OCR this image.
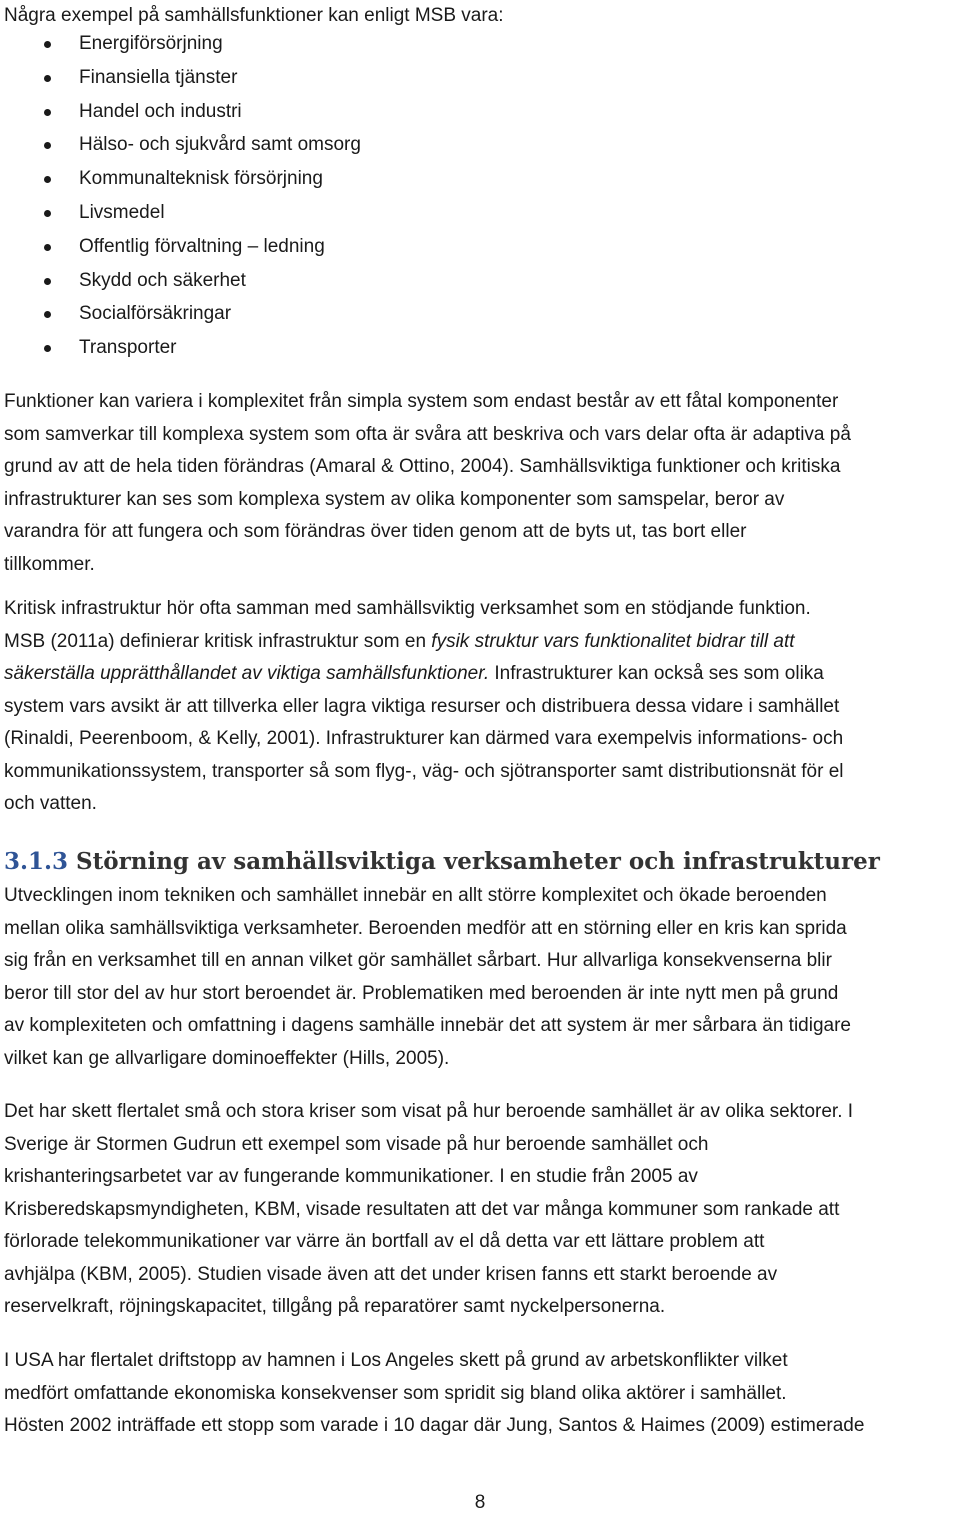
Några exempel på samhällsfunktioner kan enligt MSB vara:
Energiförsörjning
Finansiella tjänster
Handel och industri
Hälso- och sjukvård samt omsorg
Kommunalteknisk försörjning
Livsmedel
Offentlig förvaltning – ledning
Skydd och säkerhet
Socialförsäkringar
Transporter

Funktioner kan variera i komplexitet från simpla system som endast består av ett fåtal komponenter
som samverkar till komplexa system som ofta är svåra att beskriva och vars delar ofta är adaptiva på
grund av att de hela tiden förändras (Amaral & Ottino, 2004). Samhällsviktiga funktioner och kritiska
infrastrukturer kan ses som komplexa system av olika komponenter som samspelar, beror av
varandra för att fungera och som förändras över tiden genom att de byts ut, tas bort eller
tillkommer.

Kritisk infrastruktur hör ofta samman med samhällsviktig verksamhet som en stödjande funktion.
MSB (2011a) definierar kritisk infrastruktur som en fysik struktur vars funktionalitet bidrar till att
säkerställa upprätthållandet av viktiga samhällsfunktioner. Infrastrukturer kan också ses som olika
system vars avsikt är att tillverka eller lagra viktiga resurser och distribuera dessa vidare i samhället
(Rinaldi, Peerenboom, & Kelly, 2001). Infrastrukturer kan därmed vara exempelvis informations- och
kommunikationssystem, transporter så som flyg-, väg- och sjötransporter samt distributionsnät för el
och vatten.

3.1.3 Störning av samhällsviktiga verksamheter och infrastrukturer

Utvecklingen inom tekniken och samhället innebär en allt större komplexitet och ökade beroenden
mellan olika samhällsviktiga verksamheter. Beroenden medför att en störning eller en kris kan sprida
sig från en verksamhet till en annan vilket gör samhället sårbart. Hur allvarliga konsekvenserna blir
beror till stor del av hur stort beroendet är. Problematiken med beroenden är inte nytt men på grund
av komplexiteten och omfattning i dagens samhälle innebär det att system är mer sårbara än tidigare
vilket kan ge allvarligare dominoeffekter (Hills, 2005).

Det har skett flertalet små och stora kriser som visat på hur beroende samhället är av olika sektorer. I
Sverige är Stormen Gudrun ett exempel som visade på hur beroende samhället och
krishanteringsarbetet var av fungerande kommunikationer. I en studie från 2005 av
Krisberedskapsmyndigheten, KBM, visade resultaten att det var många kommuner som rankade att
förlorade telekommunikationer var värre än bortfall av el då detta var ett lättare problem att
avhjälpa (KBM, 2005). Studien visade även att det under krisen fanns ett starkt beroende av
reservelkraft, röjningskapacitet, tillgång på reparatörer samt nyckelpersonerna.

I USA har flertalet driftstopp av hamnen i Los Angeles skett på grund av arbetskonflikter vilket
medfört omfattande ekonomiska konsekvenser som spridit sig bland olika aktörer i samhället.
Hösten 2002 inträffade ett stopp som varade i 10 dagar där Jung, Santos & Haimes (2009) estimerade

8
